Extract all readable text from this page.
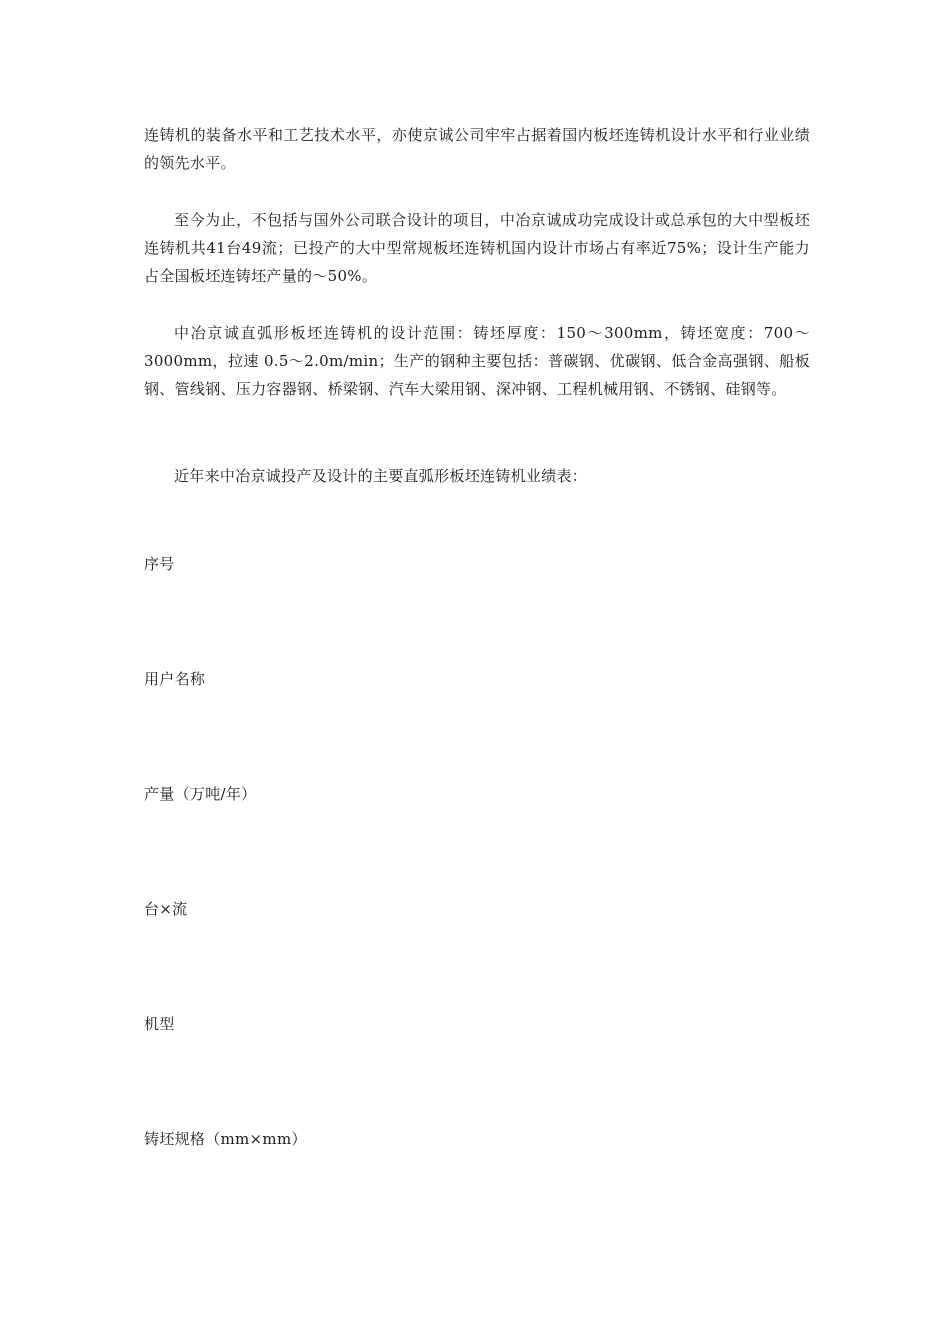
连铸机的装备水平和工艺技术水平，亦使京诚公司牢牢占据着国内板坯连铸机设计水平和行业业绩的领先水平。

至今为止，不包括与国外公司联合设计的项目，中冶京诚成功完成设计或总承包的大中型板坯连铸机共41台49流；已投产的大中型常规板坯连铸机国内设计市场占有率近75%；设计生产能力占全国板坯连铸坯产量的～50%。

中冶京诚直弧形板坯连铸机的设计范围：铸坯厚度：150～300mm，铸坯宽度：700～3000mm，拉速 0.5～2.0m/min；生产的钢种主要包括：普碳钢、优碳钢、低合金高强钢、船板钢、管线钢、压力容器钢、桥梁钢、汽车大梁用钢、深冲钢、工程机械用钢、不锈钢、硅钢等。

近年来中冶京诚投产及设计的主要直弧形板坯连铸机业绩表：

序号

用户名称

产量（万吨/年）

台×流

机型

铸坯规格（mm×mm）
